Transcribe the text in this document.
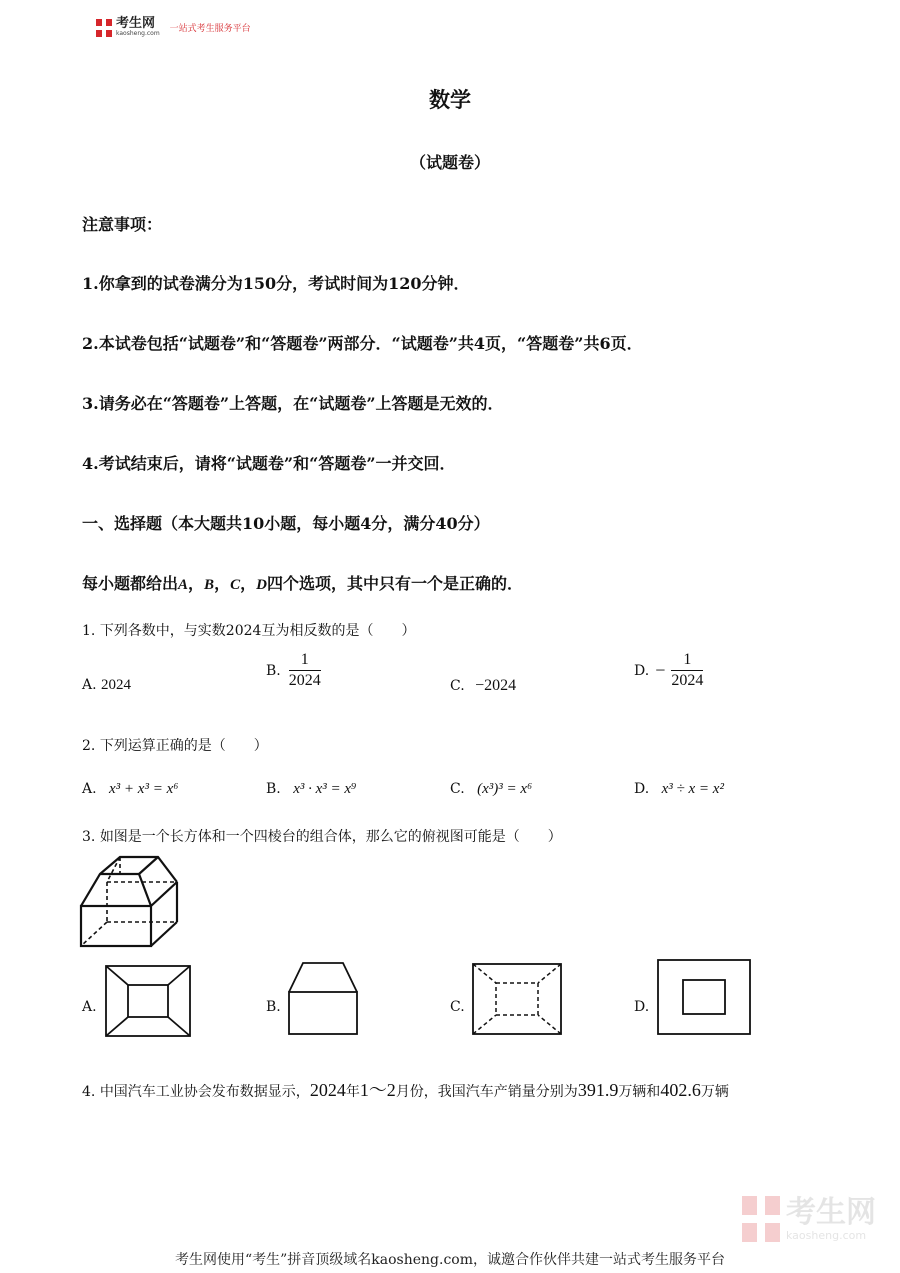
考生网
kaosheng.com 一站式考生服务平台
数学
（试题卷）
注意事项：
1.你拿到的试卷满分为150分，考试时间为120分钟．
2.本试卷包括“试题卷”和“答题卷”两部分．“试题卷”共4页，“答题卷”共6页．
3.请务必在“答题卷”上答题，在“试题卷”上答题是无效的．
4.考试结束后，请将“试题卷”和“答题卷”一并交回．
一、选择题（本大题共10小题，每小题4分，满分40分）
每小题都给出A，B，C，D四个选项，其中只有一个是正确的．
1. 下列各数中，与实数2024互为相反数的是（　　）
A. 2024
B. $\frac{1}{2024}$	C. −2024
D. − $\frac{1}{2024}$
2. 下列运算正确的是（　　）
A. x³ + x³ = x⁶	B. x³ · x³ = x⁹	C. (x³)³ = x⁶	D. x³ ÷ x = x²
3. 如图是一个长方体和一个四棱台的组合体，那么它的俯视图可能是（　　）
A.	B.	C.	D.
4. 中国汽车工业协会发布数据显示，2024年1～2月份，我国汽车产销量分别为391.9万辆和402.6万辆
考生网
kaosheng.com
考生网使用“考生”拼音顶级域名kaosheng.com，诚邀合作伙伴共建一站式考生服务平台
